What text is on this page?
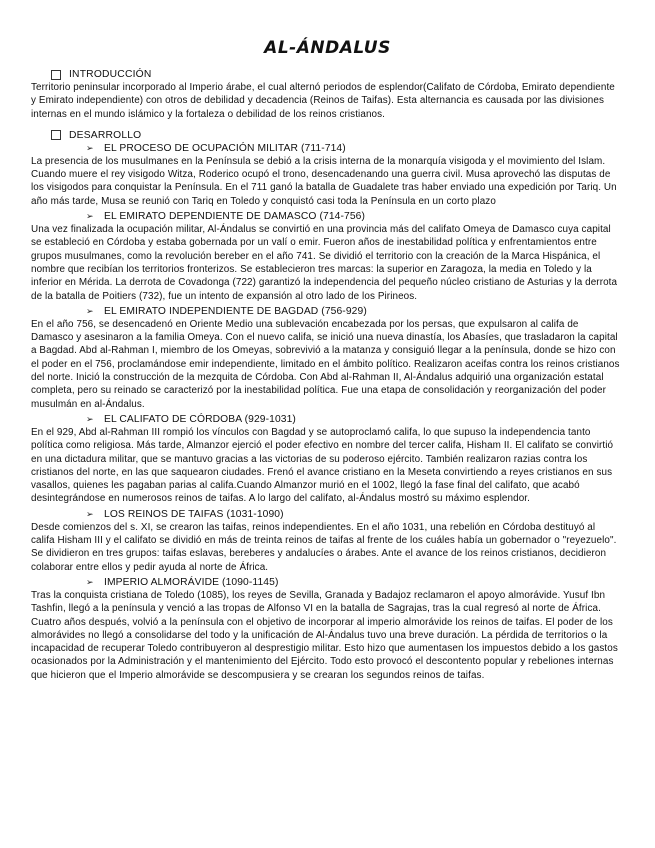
AL-ÁNDALUS
INTRODUCCIÓN

Territorio peninsular incorporado al Imperio árabe, el cual alternó periodos de esplendor(Califato de Córdoba, Emirato dependiente y Emirato independiente) con otros de debilidad y decadencia (Reinos de Taifas). Esta alternancia es causada por las divisiones internas en el mundo islámico y la fortaleza o debilidad de los reinos cristianos.

DESARROLLO
➢	EL PROCESO DE OCUPACIÓN MILITAR (711-714)

La presencia de los musulmanes en la Península se debió a la crisis interna de la monarquía visigoda y el movimiento del Islam. Cuando muere el rey visigodo Witza, Roderico ocupó el trono, desencadenando una guerra civil. Musa aprovechó las disputas de los visigodos para conquistar la Península. En el 711 ganó la batalla de Guadalete tras haber enviado una expedición por Tariq. Un año más tarde, Musa se reunió con Tariq en Toledo y conquistó casi toda la Península en un corto plazo

➢	EL EMIRATO DEPENDIENTE DE DAMASCO (714-756)

Una vez finalizada la ocupación militar, Al-Ándalus se convirtió en una provincia más del califato Omeya de Damasco cuya capital se estableció en Córdoba y estaba gobernada por un valí o emir. Fueron años de inestabilidad política y enfrentamientos entre grupos musulmanes, como la revolución bereber en el año 741. Se dividió el territorio con la creación de la Marca Hispánica, el nombre que recibían los territorios fronterizos. Se establecieron tres marcas: la superior en Zaragoza, la media en Toledo y la inferior en Mérida. La derrota de Covadonga (722) garantizó la independencia del pequeño núcleo cristiano de Asturias y la derrota de la batalla de Poitiers (732), fue un intento de expansión al otro lado de los Pirineos.

➢	EL EMIRATO INDEPENDIENTE DE BAGDAD (756-929)

En el año 756, se desencadenó en Oriente Medio una sublevación encabezada por los persas, que expulsaron al califa de Damasco y asesinaron a la familia Omeya. Con el nuevo califa, se inició una nueva dinastía, los Abasíes, que trasladaron la capital a Bagdad. Abd al-Rahman I, miembro de los Omeyas, sobrevivió a la matanza y consiguió llegar a la península, donde se hizo con el poder en el 756, proclamándose emir independiente, limitado en el ámbito político. Realizaron aceifas contra los reinos cristianos del norte. Inició la construcción de la mezquita de Córdoba. Con Abd al-Rahman II, Al-Ándalus adquirió una organización estatal completa, pero su reinado se caracterizó por la inestabilidad política. Fue una etapa de consolidación y reorganización del poder musulmán en al-Ándalus.

➢	EL CALIFATO DE CÓRDOBA (929-1031)

En el 929, Abd al-Rahman III rompió los vínculos con Bagdad y se autoproclamó califa, lo que supuso la independencia tanto política como religiosa. Más tarde, Almanzor ejerció el poder efectivo en nombre del tercer califa, Hisham II. El califato se convirtió en una dictadura militar, que se mantuvo gracias a las victorias de su poderoso ejército. También realizaron razias contra los cristianos del norte, en las que saquearon ciudades. Frenó el avance cristiano en la Meseta convirtiendo a reyes cristianos en sus vasallos, quienes les pagaban parias al califa.Cuando Almanzor murió en el 1002, llegó la fase final del califato, que acabó desintegrándose en numerosos reinos de taifas. A lo largo del califato, al-Ándalus mostró su máximo esplendor.

➢	LOS REINOS DE TAIFAS (1031-1090)

Desde comienzos del s. XI, se crearon las taifas, reinos independientes. En el año 1031, una rebelión en Córdoba destituyó al califa Hisham III y el califato se dividió en más de treinta reinos de taifas al frente de los cuáles había un gobernador o "reyezuelo". Se dividieron en tres grupos: taifas eslavas, bereberes y andalucíes o árabes. Ante el avance de los reinos cristianos, decidieron colaborar entre ellos y pedir ayuda al norte de África.

➢	IMPERIO ALMORÁVIDE (1090-1145)

Tras la conquista cristiana de Toledo (1085), los reyes de Sevilla, Granada y Badajoz reclamaron el apoyo almorávide. Yusuf Ibn Tashfin, llegó a la península y venció a las tropas de Alfonso VI en la batalla de Sagrajas, tras la cual regresó al norte de África. Cuatro años después, volvió a la península con el objetivo de incorporar al imperio almorávide los reinos de taifas. El poder de los almorávides no llegó a consolidarse del todo y la unificación de Al-Ándalus tuvo una breve duración. La pérdida de territorios o la incapacidad de recuperar Toledo contribuyeron al desprestigio militar. Esto hizo que aumentasen los impuestos debido a los gastos ocasionados por la Administración y el mantenimiento del Ejército. Todo esto provocó el descontento popular y rebeliones internas que hicieron que el Imperio almorávide se descompusiera y se crearan los segundos reinos de taifas.
